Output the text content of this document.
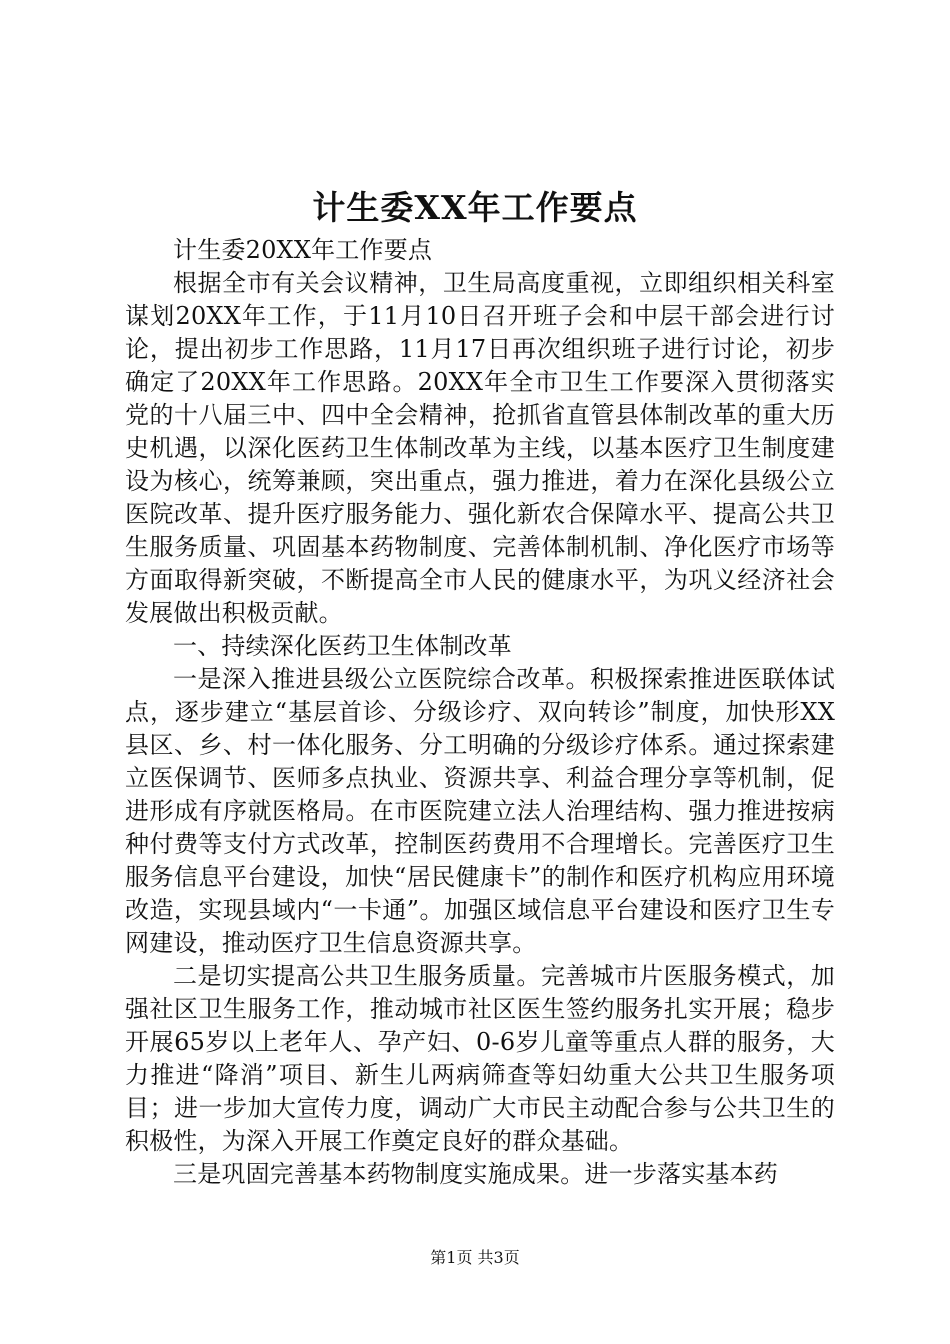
计生委XX年工作要点

计生委20XX年工作要点

根据全市有关会议精神，卫生局高度重视，立即组织相关科室谋划20XX年工作，于11月10日召开班子会和中层干部会进行讨论，提出初步工作思路，11月17日再次组织班子进行讨论，初步确定了20XX年工作思路。20XX年全市卫生工作要深入贯彻落实党的十八届三中、四中全会精神，抢抓省直管县体制改革的重大历史机遇，以深化医药卫生体制改革为主线，以基本医疗卫生制度建设为核心，统筹兼顾，突出重点，强力推进，着力在深化县级公立医院改革、提升医疗服务能力、强化新农合保障水平、提高公共卫生服务质量、巩固基本药物制度、完善体制机制、净化医疗市场等方面取得新突破，不断提高全市人民的健康水平，为巩义经济社会发展做出积极贡献。

一、持续深化医药卫生体制改革

一是深入推进县级公立医院综合改革。积极探索推进医联体试点，逐步建立“基层首诊、分级诊疗、双向转诊”制度，加快形XX县区、乡、村一体化服务、分工明确的分级诊疗体系。通过探索建立医保调节、医师多点执业、资源共享、利益合理分享等机制，促进形成有序就医格局。在市医院建立法人治理结构、强力推进按病种付费等支付方式改革，控制医药费用不合理增长。完善医疗卫生服务信息平台建设，加快“居民健康卡”的制作和医疗机构应用环境改造，实现县域内“一卡通”。加强区域信息平台建设和医疗卫生专网建设，推动医疗卫生信息资源共享。

二是切实提高公共卫生服务质量。完善城市片医服务模式，加强社区卫生服务工作，推动城市社区医生签约服务扎实开展；稳步开展65岁以上老年人、孕产妇、0-6岁儿童等重点人群的服务，大力推进“降消”项目、新生儿两病筛查等妇幼重大公共卫生服务项目；进一步加大宣传力度，调动广大市民主动配合参与公共卫生的积极性，为深入开展工作奠定良好的群众基础。

三是巩固完善基本药物制度实施成果。进一步落实基本药

第1页 共3页
